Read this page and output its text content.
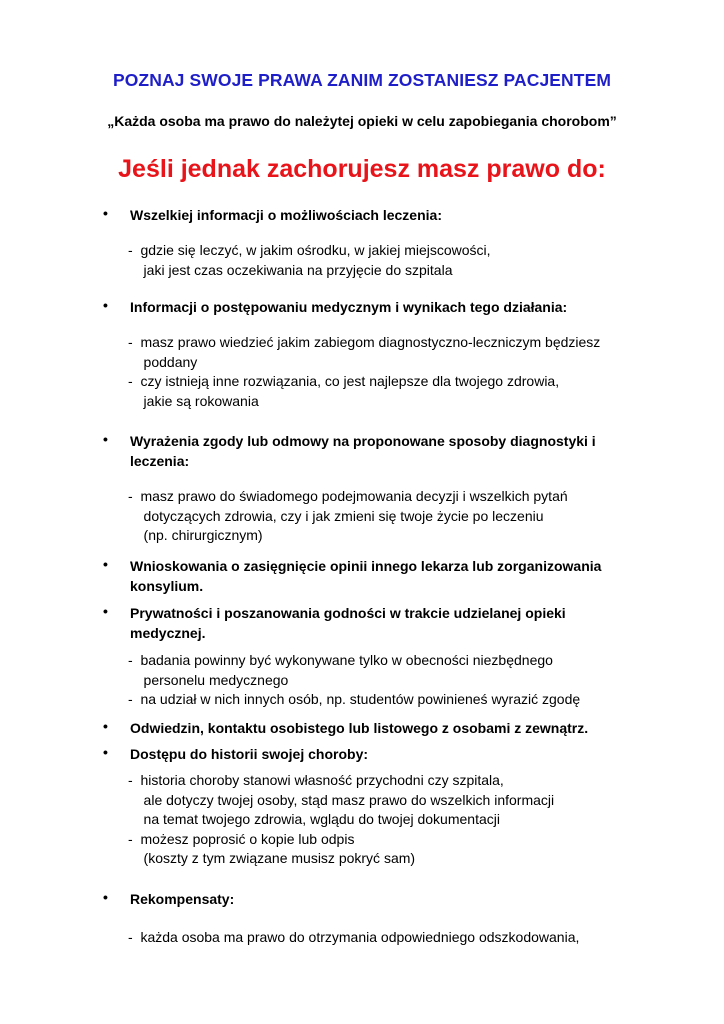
POZNAJ SWOJE PRAWA ZANIM ZOSTANIESZ PACJENTEM
„Każda osoba ma prawo do należytej opieki w celu zapobiegania chorobom”
Jeśli jednak zachorujesz masz prawo do:
• Wszelkiej informacji o możliwościach leczenia:
-  gdzie się leczyć, w jakim ośrodku, w jakiej miejscowości,
jaki jest czas oczekiwania na przyjęcie do szpitala
• Informacji o postępowaniu medycznym i wynikach tego działania:
-  masz prawo wiedzieć jakim zabiegom diagnostyczno-leczniczym będziesz
poddany
-  czy istnieją inne rozwiązania, co jest najlepsze dla twojego zdrowia,
jakie są rokowania
• Wyrażenia zgody lub odmowy na proponowane sposoby diagnostyki i
leczenia:
-  masz prawo do świadomego podejmowania decyzji i wszelkich pytań
dotyczących zdrowia, czy i jak zmieni się twoje życie po leczeniu
(np. chirurgicznym)
• Wnioskowania o zasięgnięcie opinii innego lekarza lub zorganizowania
konsylium.
• Prywatności i poszanowania godności w trakcie udzielanej opieki
medycznej.
-  badania powinny być wykonywane tylko w obecności niezbędnego
personelu medycznego
-  na udział w nich innych osób, np. studentów powinieneś wyrazić zgodę
• Odwiedzin, kontaktu osobistego lub listowego z osobami z zewnątrz.
• Dostępu do historii swojej choroby:
-  historia choroby stanowi własność przychodni czy szpitala,
ale dotyczy twojej osoby, stąd masz prawo do wszelkich informacji
na temat twojego zdrowia, wglądu do twojej dokumentacji
-  możesz poprosić o kopie lub odpis
(koszty z tym związane musisz pokryć sam)
• Rekompensaty:
-  każda osoba ma prawo do otrzymania odpowiedniego odszkodowania,
